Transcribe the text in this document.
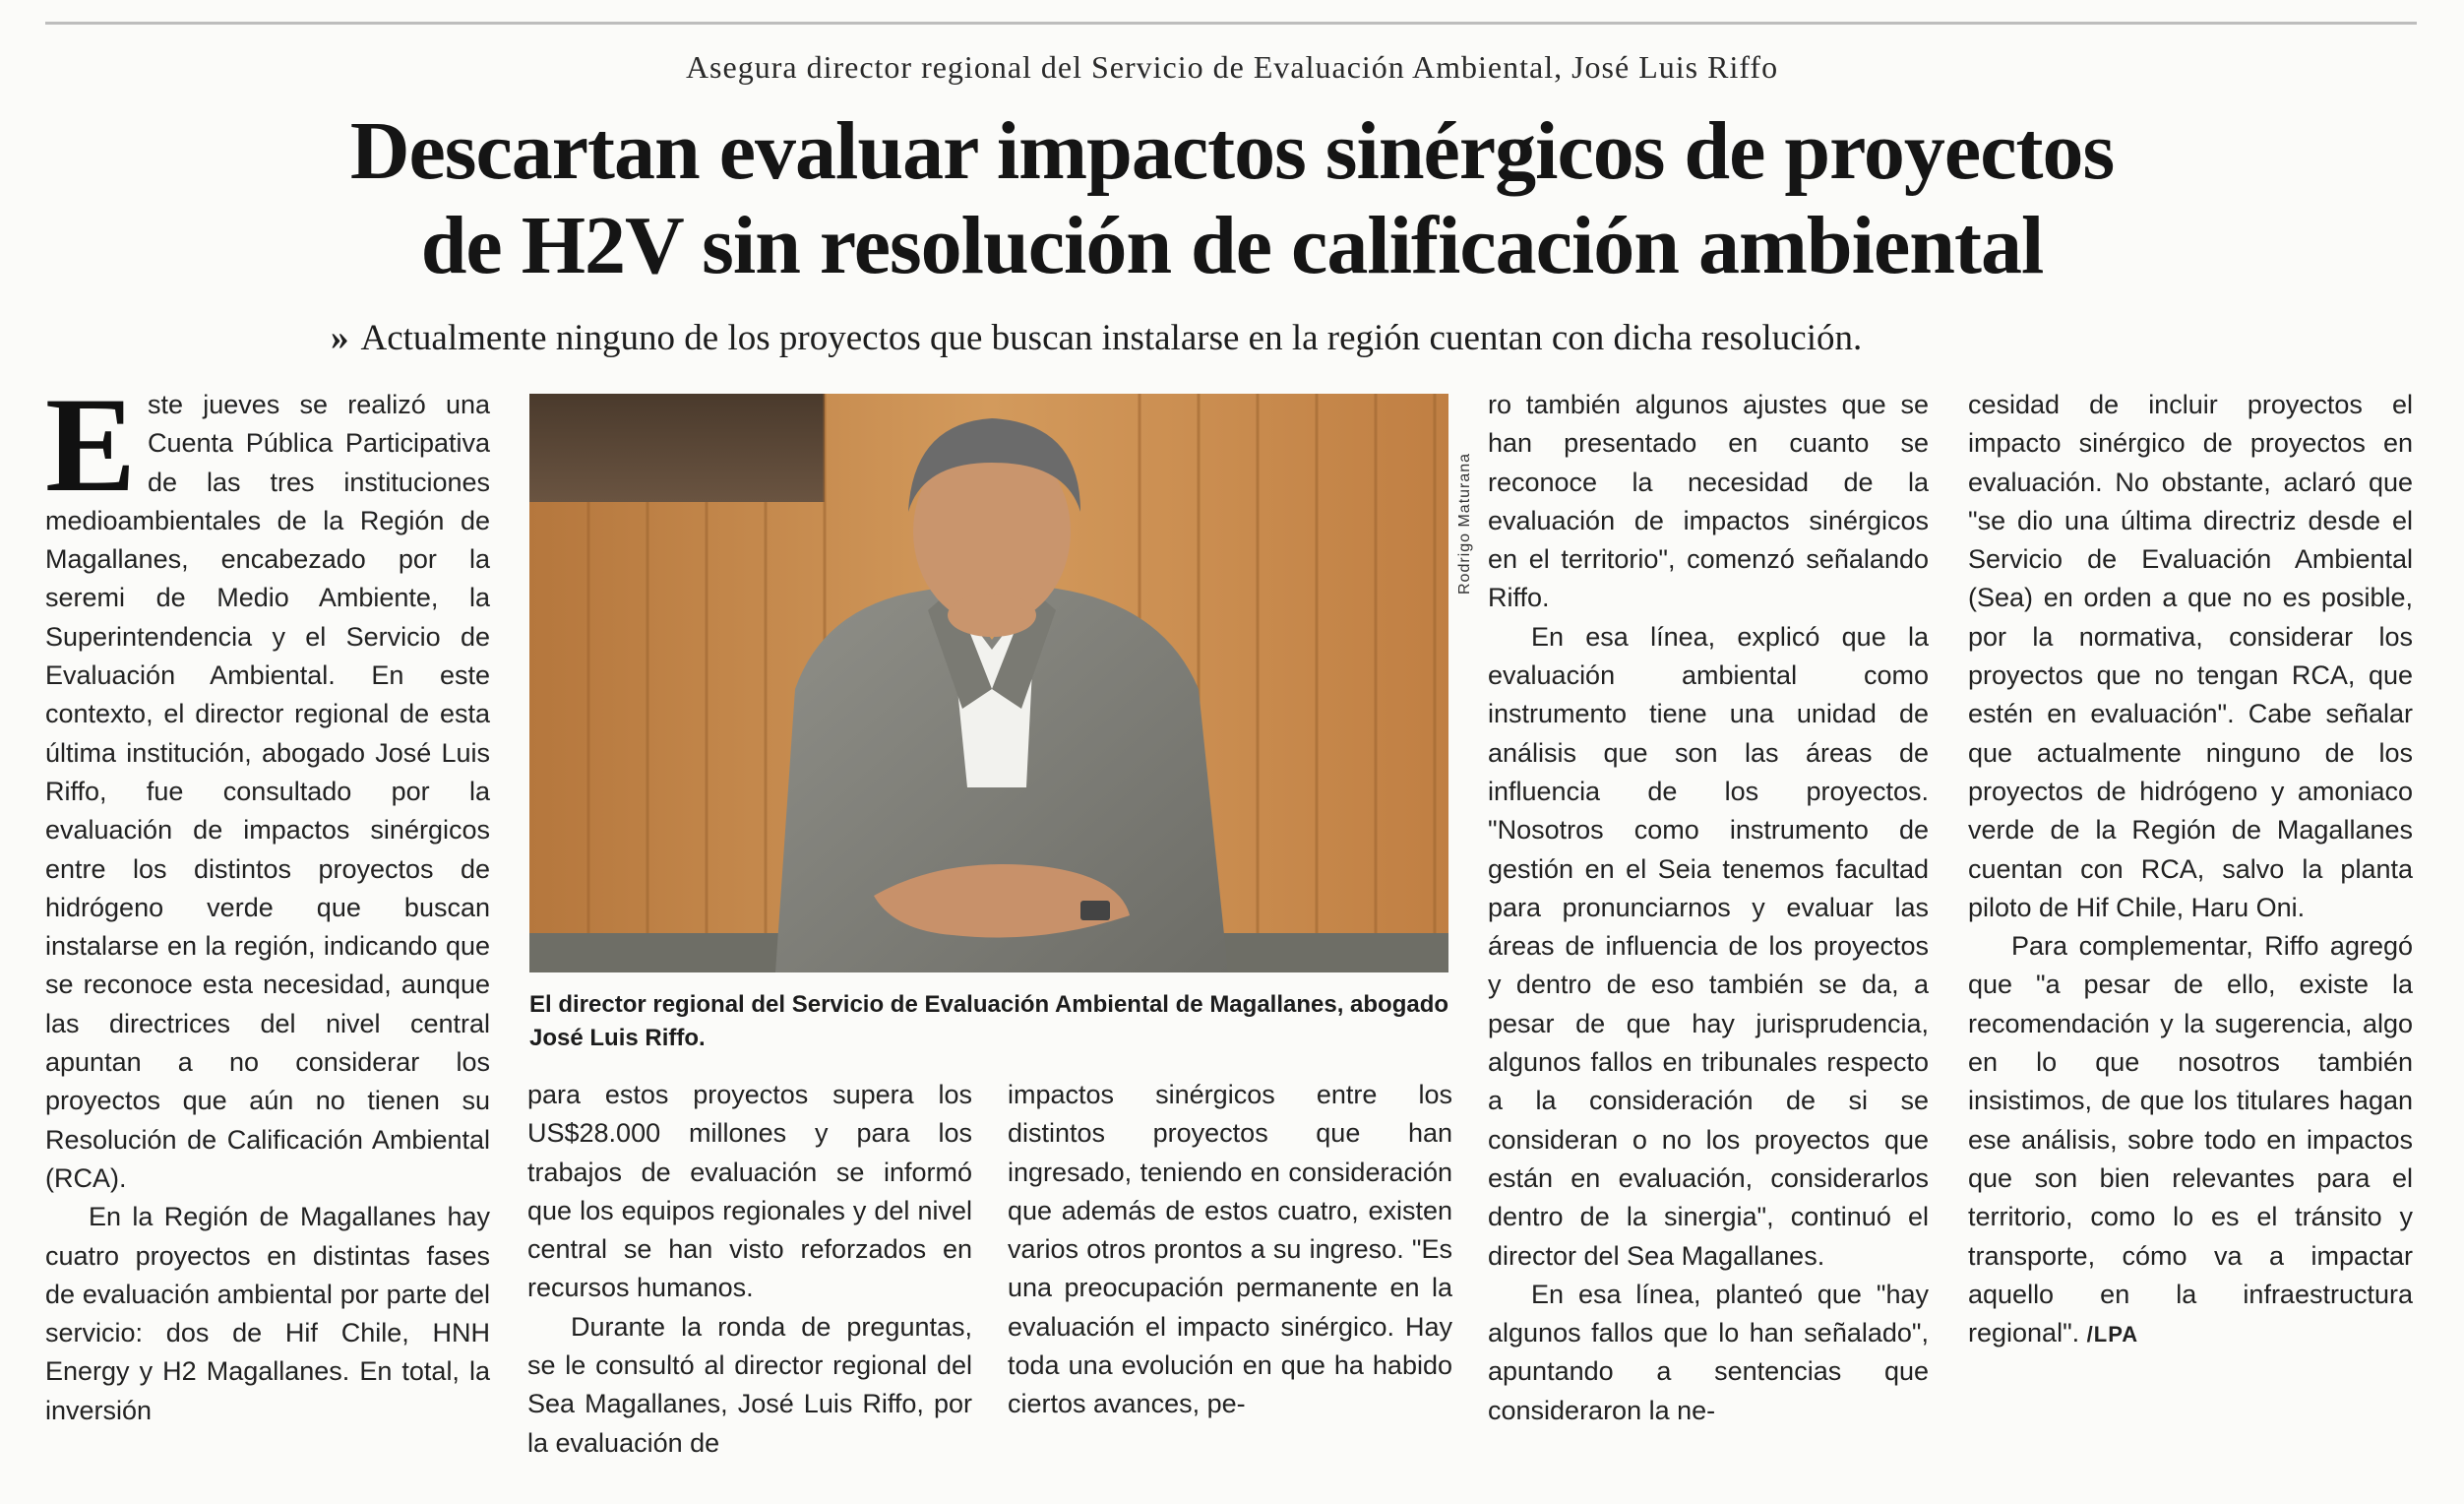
Asegura director regional del Servicio de Evaluación Ambiental, José Luis Riffo
Descartan evaluar impactos sinérgicos de proyectos
de H2V sin resolución de calificación ambiental
» Actualmente ninguno de los proyectos que buscan instalarse en la región cuentan con dicha resolución.
E ste jueves se realizó una Cuenta Pública Participativa de las tres instituciones medioambientales de la Región de Magallanes, encabezado por la seremi de Medio Ambiente, la Superintendencia y el Servicio de Evaluación Ambiental. En este contexto, el director regional de esta última institución, abogado José Luis Riffo, fue consultado por la evaluación de impactos sinérgicos entre los distintos proyectos de hidrógeno verde que buscan instalarse en la región, indicando que se reconoce esta necesidad, aunque las directrices del nivel central apuntan a no considerar los proyectos que aún no tienen su Resolución de Calificación Ambiental (RCA).

En la Región de Magallanes hay cuatro proyectos en distintas fases de evaluación ambiental por parte del servicio: dos de Hif Chile, HNH Energy y H2 Magallanes. En total, la inversión

Rodrigo Maturana
El director regional del Servicio de Evaluación Ambiental de Magallanes, abogado José Luis Riffo.

para estos proyectos supera los US$28.000 millones y para los trabajos de evaluación se informó que los equipos regionales y del nivel central se han visto reforzados en recursos humanos.

Durante la ronda de preguntas, se le consultó al director regional del Sea Magallanes, José Luis Riffo, por la evaluación de

impactos sinérgicos entre los distintos proyectos que han ingresado, teniendo en consideración que además de estos cuatro, existen varios otros prontos a su ingreso. "Es una preocupación permanente en la evaluación el impacto sinérgico. Hay toda una evolución en que ha habido ciertos avances, pe-

ro también algunos ajustes que se han presentado en cuanto se reconoce la necesidad de la evaluación de impactos sinérgicos en el territorio", comenzó señalando Riffo.

En esa línea, explicó que la evaluación ambiental como instrumento tiene una unidad de análisis que son las áreas de influencia de los proyectos. "Nosotros como instrumento de gestión en el Seia tenemos facultad para pronunciarnos y evaluar las áreas de influencia de los proyectos y dentro de eso también se da, a pesar de que hay jurisprudencia, algunos fallos en tribunales respecto a la consideración de si se consideran o no los proyectos que están en evaluación, considerarlos dentro de la sinergia", continuó el director del Sea Magallanes.

En esa línea, planteó que "hay algunos fallos que lo han señalado", apuntando a sentencias que consideraron la ne-

cesidad de incluir proyectos el impacto sinérgico de proyectos en evaluación. No obstante, aclaró que "se dio una última directriz desde el Servicio de Evaluación Ambiental (Sea) en orden a que no es posible, por la normativa, considerar los proyectos que no tengan RCA, que estén en evaluación". Cabe señalar que actualmente ninguno de los proyectos de hidrógeno y amoniaco verde de la Región de Magallanes cuentan con RCA, salvo la planta piloto de Hif Chile, Haru Oni.

Para complementar, Riffo agregó que "a pesar de ello, existe la recomendación y la sugerencia, algo en lo que nosotros también insistimos, de que los titulares hagan ese análisis, sobre todo en impactos que son bien relevantes para el territorio, como lo es el tránsito y transporte, cómo va a impactar aquello en la infraestructura regional". /LPA
